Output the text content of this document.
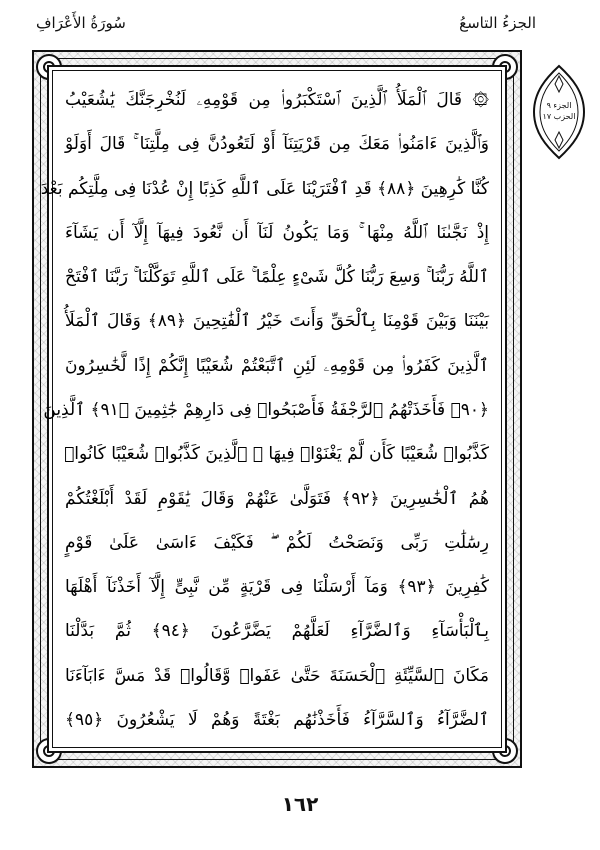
الجزءُ التاسعُ
سُورَةُ الأَعْرَافِ
۞ قَالَ ٱلْمَلَأُ ٱلَّذِينَ ٱسْتَكْبَرُوا۟ مِن قَوْمِهِۦ لَنُخْرِجَنَّكَ يَٰشُعَيْبُ
وَٱلَّذِينَ ءَامَنُوا۟ مَعَكَ مِن قَرْيَتِنَآ أَوْ لَتَعُودُنَّ فِى مِلَّتِنَا ۚ قَالَ أَوَلَوْ
كُنَّا كَٰرِهِينَ ﴿٨٨﴾ قَدِ ٱفْتَرَيْنَا عَلَى ٱللَّهِ كَذِبًا إِنْ عُدْنَا فِى مِلَّتِكُم بَعْدَ
إِذْ نَجَّىٰنَا ٱللَّهُ مِنْهَا ۚ وَمَا يَكُونُ لَنَآ أَن نَّعُودَ فِيهَآ إِلَّآ أَن يَشَآءَ
ٱللَّهُ رَبُّنَا ۚ وَسِعَ رَبُّنَا كُلَّ شَىْءٍ عِلْمًا ۚ عَلَى ٱللَّهِ تَوَكَّلْنَا ۚ رَبَّنَا ٱفْتَحْ
بَيْنَنَا وَبَيْنَ قَوْمِنَا بِٱلْحَقِّ وَأَنتَ خَيْرُ ٱلْفَٰتِحِينَ ﴿٨٩﴾ وَقَالَ ٱلْمَلَأُ
ٱلَّذِينَ كَفَرُوا۟ مِن قَوْمِهِۦ لَئِنِ ٱتَّبَعْتُمْ شُعَيْبًا إِنَّكُمْ إِذًا لَّخَٰسِرُونَ
﴿٩٠﴾ فَأَخَذَتْهُمُ ٱلرَّجْفَةُ فَأَصْبَحُوا۟ فِى دَارِهِمْ جَٰثِمِينَ ﴿٩١﴾ ٱلَّذِينَ
كَذَّبُوا۟ شُعَيْبًا كَأَن لَّمْ يَغْنَوْا۟ فِيهَا ۚ ٱلَّذِينَ كَذَّبُوا۟ شُعَيْبًا كَانُوا۟
هُمُ ٱلْخَٰسِرِينَ ﴿٩٢﴾ فَتَوَلَّىٰ عَنْهُمْ وَقَالَ يَٰقَوْمِ لَقَدْ أَبْلَغْتُكُمْ
رِسَٰلَٰتِ رَبِّى وَنَصَحْتُ لَكُمْ ۖ فَكَيْفَ ءَاسَىٰ عَلَىٰ قَوْمٍ
كَٰفِرِينَ ﴿٩٣﴾ وَمَآ أَرْسَلْنَا فِى قَرْيَةٍ مِّن نَّبِىٍّ إِلَّآ أَخَذْنَآ أَهْلَهَا
بِٱلْبَأْسَآءِ وَٱلضَّرَّآءِ لَعَلَّهُمْ يَضَّرَّعُونَ ﴿٩٤﴾ ثُمَّ بَدَّلْنَا
مَكَانَ ٱلسَّيِّئَةِ ٱلْحَسَنَةَ حَتَّىٰ عَفَوا۟ وَّقَالُوا۟ قَدْ مَسَّ ءَابَآءَنَا
ٱلضَّرَّآءُ وَٱلسَّرَّآءُ فَأَخَذْنَٰهُم بَغْتَةً وَهُمْ لَا يَشْعُرُونَ ﴿٩٥﴾
الجزء ٩
الحزب ١٧
١٦٢
